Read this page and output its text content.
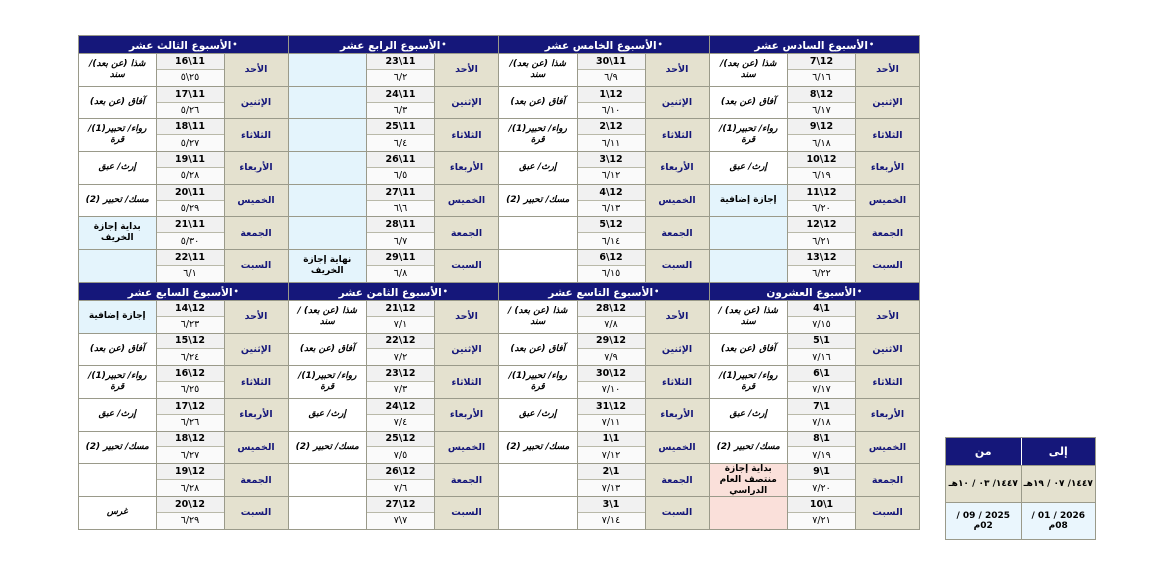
•الأسبوع السادس عشر
الأحد
7\12
٦/١٦
شذا (عن بعد)/ سند
الإثنين
8\12
٦/١٧
آفاق (عن بعد)
الثلاثاء
9\12
٦/١٨
رواء/ تحبير(1)/ قرة
الأربعاء
10\12
٦/١٩
إرث/ عبق
الخميس
11\12
٦/٢٠
إجازة إضافية
الجمعة
12\12
٦/٢١
السبت
13\12
٦/٢٢
•الأسبوع الخامس عشر
الأحد
30\11
٦/٩
شذا (عن بعد)/ سند
الإثنين
1\12
٦/١٠
آفاق (عن بعد)
الثلاثاء
2\12
٦/١١
رواء/ تحبير(1)/ قرة
الأربعاء
3\12
٦/١٢
إرث/ عبق
الخميس
4\12
٦/١٣
مسك/ تحبير (2)
الجمعة
5\12
٦/١٤
السبت
6\12
٦/١٥
•الأسبوع الرابع عشر
الأحد
23\11
٦/٢
الإثنين
24\11
٦/٣
الثلاثاء
25\11
٦/٤
الأربعاء
26\11
٦/٥
الخميس
27\11
٦\٦
الجمعة
28\11
٦/٧
السبت
29\11
٦/٨
نهاية إجازة الخريف
•الأسبوع الثالث عشر
الأحد
16\11
٢٥\٥
شذا (عن بعد)/ سند
الإثنين
17\11
٥/٢٦
آفاق (عن بعد)
الثلاثاء
18\11
٥/٢٧
رواء/ تحبير(1)/ قرة
الأربعاء
19\11
٥/٢٨
إرث/ عبق
الخميس
20\11
٥/٢٩
مسك/ تحبير (2)
الجمعة
21\11
٥/٣٠
بداية إجازة الخريف
السبت
22\11
٦/١
•الأسبوع العشرون
الأحد
4\1
٧/١٥
شذا (عن بعد) /سند
الاثنين
5\1
٧/١٦
آفاق (عن بعد)
الثلاثاء
6\1
٧/١٧
رواء/ تحبير(1)/ قرة
الأربعاء
7\1
٧/١٨
إرث/ عبق
الخميس
8\1
٧/١٩
مسك/ تحبير (2)
الجمعة
9\1
٧/٢٠
بداية إجازة منتصف العام الدراسي
السبت
10\1
٧/٢١
•الأسبوع التاسع عشر
الأحد
28\12
٧/٨
شذا (عن بعد) /سند
الإثنين
29\12
٧/٩
آفاق (عن بعد)
الثلاثاء
30\12
٧/١٠
رواء/ تحبير(1)/ قرة
الأربعاء
31\12
٧/١١
إرث/ عبق
الخميس
1\1
٧/١٢
مسك/ تحبير (2)
الجمعة
2\1
٧/١٣
السبت
3\1
٧/١٤
•الأسبوع الثامن عشر
الأحد
21\12
٧/١
شذا (عن بعد) /سند
الإثنين
22\12
٧/٢
آفاق (عن بعد)
الثلاثاء
23\12
٧/٣
رواء/ تحبير(1)/ قرة
الأربعاء
24\12
٧/٤
إرث/ عبق
الخميس
25\12
٧/٥
مسك/ تحبير (2)
الجمعة
26\12
٧/٦
السبت
27\12
٧\٧
•الأسبوع السابع عشر
الأحد
14\12
٦/٢٣
إجازة إضافية
الإثنين
15\12
٦/٢٤
آفاق (عن بعد)
الثلاثاء
16\12
٦/٢٥
رواء/ تحبير(1)/ قرة
الأربعاء
17\12
٦/٢٦
إرث/ عبق
الخميس
18\12
٦/٢٧
مسك/ تحبير (2)
الجمعة
19\12
٦/٢٨
السبت
20\12
٦/٢٩
غرس
إلى
من
١٤٤٧/ ٠٧ / ١٩هـ
١٤٤٧/ ٠٣ / ١٠هـ
2026 / 01 / 08م
2025 / 09 / 02م
